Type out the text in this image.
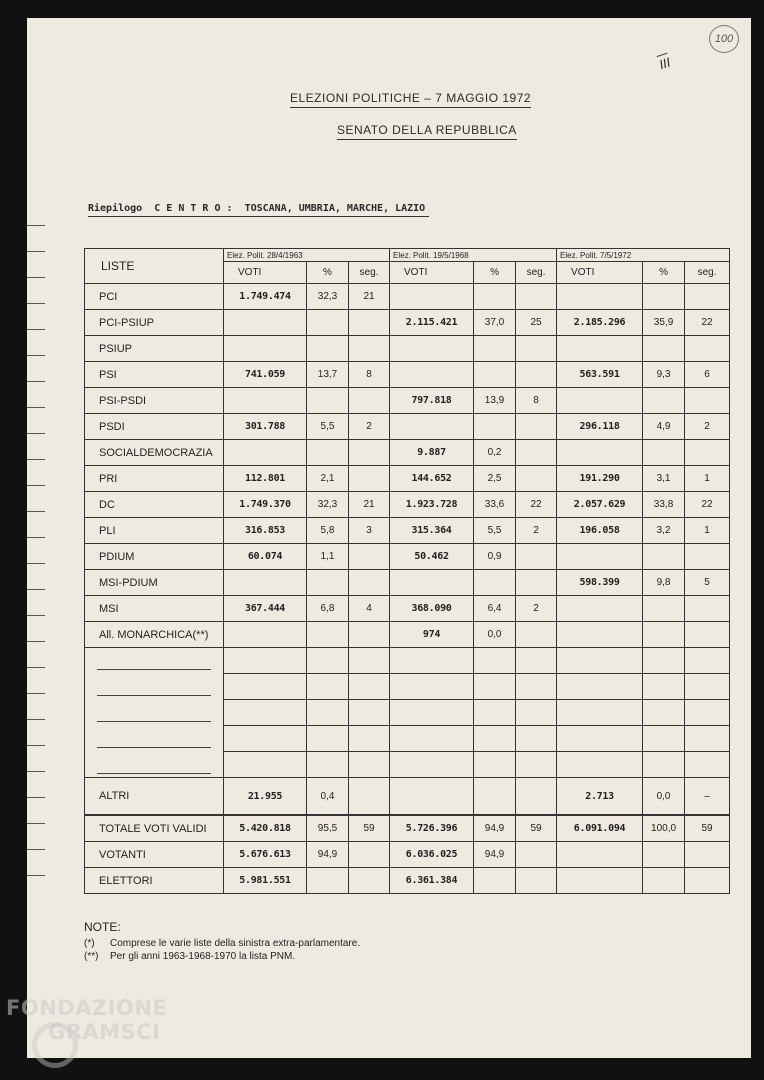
ELEZIONI POLITICHE – 7 MAGGIO 1972
SENATO DELLA REPUBBLICA
III
100
Riepilogo C E N T R O : TOSCANA, UMBRIA, MARCHE, LAZIO
LISTE	Elez. Polit. 28/4/1963			Elez. Polit. 19/5/1968			Elez. Polit. 7/5/1972		
	VOTI	%	seg.	VOTI	%	seg.	VOTI	%	seg.
PCI	1.749.474	32,3	21						
PCI-PSIUP				2.115.421	37,0	25	2.185.296	35,9	22
PSIUP									
PSI	741.059	13,7	8				563.591	9,3	6
PSI-PSDI				797.818	13,9	8			
PSDI	301.788	5,5	2				296.118	4,9	2
SOCIALDEMOCRAZIA				9.887	0,2				
PRI	112.801	2,1		144.652	2,5		191.290	3,1	1
DC	1.749.370	32,3	21	1.923.728	33,6	22	2.057.629	33,8	22
PLI	316.853	5,8	3	315.364	5,5	2	196.058	3,2	1
PDIUM	60.074	1,1		50.462	0,9				
MSI-PDIUM							598.399	9,8	5
MSI	367.444	6,8	4	368.090	6,4	2			
All. MONARCHICA(**)				974	0,0				

ALTRI	21.955	0,4					2.713	0,0	–
TOTALE VOTI VALIDI	5.420.818	95,5	59	5.726.396	94,9	59	6.091.094	100,0	59
VOTANTI	5.676.613	94,9		6.036.025	94,9				
ELETTORI	5.981.551			6.361.384					
NOTE:
(*) Comprese le varie liste della sinistra extra-parlamentare.
(**) Per gli anni 1963-1968-1970 la lista PNM.
FONDAZIONE
GRAMSCI
